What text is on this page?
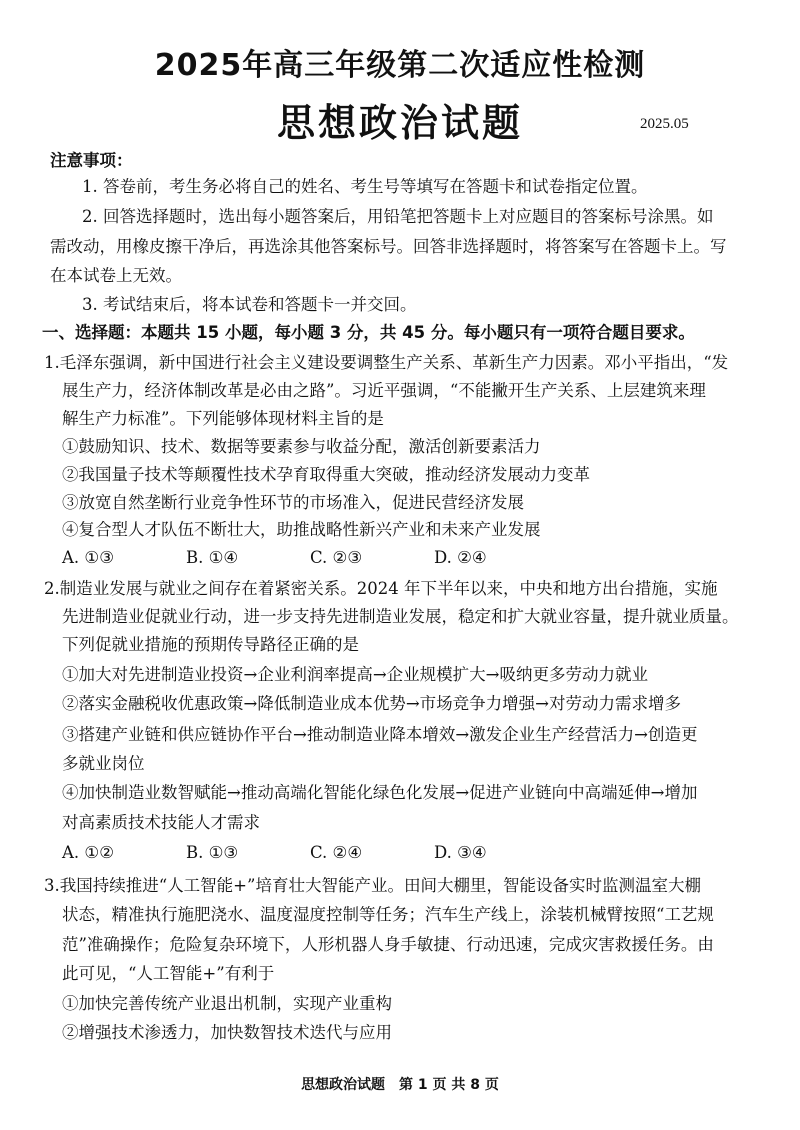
2025年高三年级第二次适应性检测
思想政治试题	2025.05
注意事项：
1. 答卷前，考生务必将自己的姓名、考生号等填写在答题卡和试卷指定位置。
2. 回答选择题时，选出每小题答案后，用铅笔把答题卡上对应题目的答案标号涂黑。如
需改动，用橡皮擦干净后，再选涂其他答案标号。回答非选择题时，将答案写在答题卡上。写
在本试卷上无效。
3. 考试结束后，将本试卷和答题卡一并交回。
一、选择题：本题共 15 小题，每小题 3 分，共 45 分。每小题只有一项符合题目要求。
1.毛泽东强调，新中国进行社会主义建设要调整生产关系、革新生产力因素。邓小平指出，“发
展生产力，经济体制改革是必由之路”。习近平强调，“不能撇开生产关系、上层建筑来理
解生产力标准”。下列能够体现材料主旨的是
①鼓励知识、技术、数据等要素参与收益分配，激活创新要素活力
②我国量子技术等颠覆性技术孕育取得重大突破，推动经济发展动力变革
③放宽自然垄断行业竞争性环节的市场准入，促进民营经济发展
④复合型人才队伍不断壮大，助推战略性新兴产业和未来产业发展
A. ①③	B. ①④	C. ②③	D. ②④
2.制造业发展与就业之间存在着紧密关系。2024 年下半年以来，中央和地方出台措施，实施
先进制造业促就业行动，进一步支持先进制造业发展，稳定和扩大就业容量，提升就业质量。
下列促就业措施的预期传导路径正确的是
①加大对先进制造业投资→企业利润率提高→企业规模扩大→吸纳更多劳动力就业
②落实金融税收优惠政策→降低制造业成本优势→市场竞争力增强→对劳动力需求增多
③搭建产业链和供应链协作平台→推动制造业降本增效→激发企业生产经营活力→创造更
多就业岗位
④加快制造业数智赋能→推动高端化智能化绿色化发展→促进产业链向中高端延伸→增加
对高素质技术技能人才需求
A. ①②	B. ①③	C. ②④	D. ③④
3.我国持续推进“人工智能+”培育壮大智能产业。田间大棚里，智能设备实时监测温室大棚
状态，精准执行施肥浇水、温度湿度控制等任务；汽车生产线上，涂装机械臂按照“工艺规
范”准确操作；危险复杂环境下，人形机器人身手敏捷、行动迅速，完成灾害救援任务。由
此可见，“人工智能+”有利于
①加快完善传统产业退出机制，实现产业重构
②增强技术渗透力，加快数智技术迭代与应用
思想政治试题　第 1 页 共 8 页
